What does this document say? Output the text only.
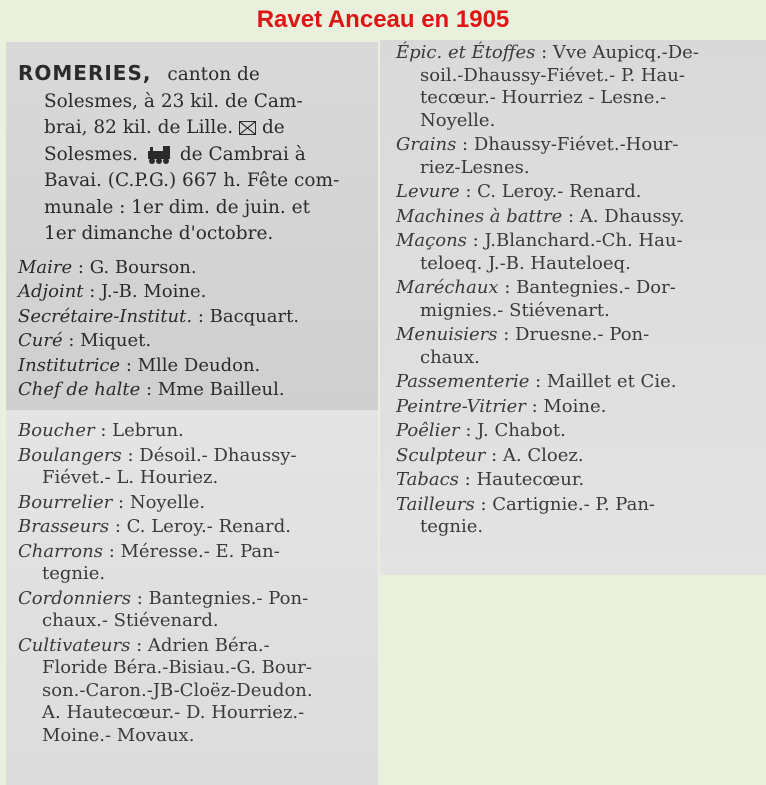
Ravet Anceau en 1905
ROMERIES, canton de
Solesmes, à 23 kil. de Cam-
brai, 82 kil. de Lille. de
Solesmes. de Cambrai à
Bavai. (C.P.G.) 667 h. Fête com-
munale : 1er dim. de juin. et
1er dimanche d'octobre.
Maire : G. Bourson.
Adjoint : J.-B. Moine.
Secrétaire-Institut. : Bacquart.
Curé : Miquet.
Institutrice : Mlle Deudon.
Chef de halte : Mme Bailleul.
Boucher : Lebrun.
Boulangers : Désoil.- Dhaussy-
Fiévet.- L. Houriez.
Bourrelier : Noyelle.
Brasseurs : C. Leroy.- Renard.
Charrons : Méresse.- E. Pan-
tegnie.
Cordonniers : Bantegnies.- Pon-
chaux.- Stiévenard.
Cultivateurs : Adrien Béra.-
Floride Béra.-Bisiau.-G. Bour-
son.-Caron.-JB-Cloëz-Deudon.
A. Hautecœur.- D. Hourriez.-
Moine.- Movaux.
Épic. et Étoffes : Vve Aupicq.-De-
soil.-Dhaussy-Fiévet.- P. Hau-
tecœur.- Hourriez - Lesne.-
Noyelle.
Grains : Dhaussy-Fiévet.-Hour-
riez-Lesnes.
Levure : C. Leroy.- Renard.
Machines à battre : A. Dhaussy.
Maçons : J.Blanchard.-Ch. Hau-
teloeq. J.-B. Hauteloeq.
Maréchaux : Bantegnies.- Dor-
mignies.- Stiévenart.
Menuisiers : Druesne.- Pon-
chaux.
Passementerie : Maillet et Cie.
Peintre-Vitrier : Moine.
Poêlier : J. Chabot.
Sculpteur : A. Cloez.
Tabacs : Hautecœur.
Tailleurs : Cartignie.- P. Pan-
tegnie.
